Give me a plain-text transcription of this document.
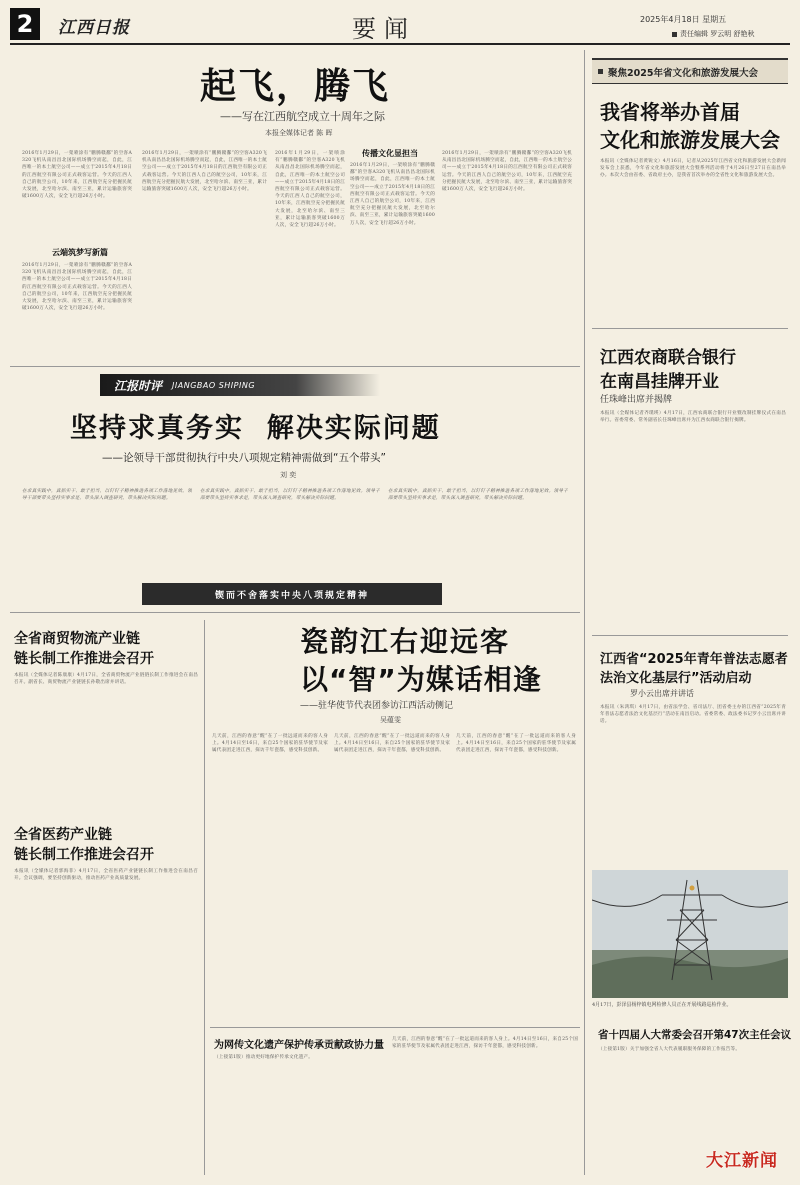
2 江西日报	要闻	2025年4月18日 星期五
责任编辑 罗云明 舒艳秋
起飞，腾飞
——写在江西航空成立十周年之际
本报全媒体记者 陈 晖
2016年1月29日，一架喷涂有“鹏腾赣鄱”的空客A320飞机从南昌昌北国际机场腾空而起，自此，江西唯一的本土航空公司——成立于2015年4月18日的江西航空有限公司正式载客运营。今天的江西人自己的航空公司，10年来，江西航空充分把握民航大发展，北至哈尔滨、南至三亚，累计运输旅客突破1600万人次，安全飞行超26万小时。
云端筑梦写新篇
2016年1月29日，一架喷涂有“鹏腾赣鄱”的空客A320飞机从南昌昌北国际机场腾空而起，自此，江西唯一的本土航空公司——成立于2015年4月18日的江西航空有限公司正式载客运营。今天的江西人自己的航空公司，10年来，江西航空充分把握民航大发展，北至哈尔滨、南至三亚，累计运输旅客突破1600万人次，安全飞行超26万小时。
2016年1月29日，一架喷涂有“鹏腾赣鄱”的空客A320飞机从南昌昌北国际机场腾空而起，自此，江西唯一的本土航空公司——成立于2015年4月18日的江西航空有限公司正式载客运营。今天的江西人自己的航空公司，10年来，江西航空充分把握民航大发展，北至哈尔滨、南至三亚，累计运输旅客突破1600万人次，安全飞行超26万小时。
2016年1月29日，一架喷涂有“鹏腾赣鄱”的空客A320飞机从南昌昌北国际机场腾空而起，自此，江西唯一的本土航空公司——成立于2015年4月18日的江西航空有限公司正式载客运营。今天的江西人自己的航空公司，10年来，江西航空充分把握民航大发展，北至哈尔滨、南至三亚，累计运输旅客突破1600万人次，安全飞行超26万小时。
传播文化显担当
2016年1月29日，一架喷涂有“鹏腾赣鄱”的空客A320飞机从南昌昌北国际机场腾空而起，自此，江西唯一的本土航空公司——成立于2015年4月18日的江西航空有限公司正式载客运营。今天的江西人自己的航空公司，10年来，江西航空充分把握民航大发展，北至哈尔滨、南至三亚，累计运输旅客突破1600万人次，安全飞行超26万小时。
2016年1月29日，一架喷涂有“鹏腾赣鄱”的空客A320飞机从南昌昌北国际机场腾空而起，自此，江西唯一的本土航空公司——成立于2015年4月18日的江西航空有限公司正式载客运营。今天的江西人自己的航空公司，10年来，江西航空充分把握民航大发展，北至哈尔滨、南至三亚，累计运输旅客突破1600万人次，安全飞行超26万小时。
聚焦2025年省文化和旅游发展大会
我省将举办首届
文化和旅游发展大会
本报讯（全媒体记者黄锐文）4月16日，记者从2025年江西省文化和旅游发展大会新闻发布会上获悉，今年省文化和旅游发展大会暨系列活动将于4月26日至27日在南昌举办。本次大会由省委、省政府主办，是我省首次举办的全省性文化和旅游发展大会。
江西农商联合银行
在南昌挂牌开业
任珠峰出席并揭牌
本报讯（全媒体记者齐璞瑛）4月17日，江西农商联合银行开业暨改制挂牌仪式在南昌举行。省委常委、常务副省长任珠峰出席并为江西农商联合银行揭牌。
江西省“2025年青年普法志愿者
法治文化基层行”活动启动
罗小云出席并讲话
本报讯（朱鸿琪）4月17日，由省法学会、省司法厅、团省委主办的江西省“2025年青年普法志愿者法治文化基层行”活动在南昌启动。省委常委、政法委书记罗小云出席并讲话。
4月17日，彭泽县杨梓镇电网检修人员正在开展线路巡检作业。
省十四届人大常委会召开第47次主任会议
（上接第1版）关于加强全省人大代表履职服务保障的工作报告等。
江报时评 JIANGBAO SHIPING
坚持求真务实  解决实际问题
——论领导干部贯彻执行中央八项规定精神需做到“五个带头”
刘 奕
在求真实践中，真抓实干、敢于担当，以钉钉子精神推进各项工作落地见效。领导干部要带头坚持实事求是，带头深入调查研究，带头解决实际问题。
在求真实践中，真抓实干、敢于担当，以钉钉子精神推进各项工作落地见效。领导干部要带头坚持实事求是，带头深入调查研究，带头解决实际问题。
在求真实践中，真抓实干、敢于担当，以钉钉子精神推进各项工作落地见效。领导干部要带头坚持实事求是，带头深入调查研究，带头解决实际问题。
锲而不舍落实中央八项规定精神
全省商贸物流产业链
链长制工作推进会召开
本报讯（全媒体记者陈康康）4月17日，全省商贸物流产业链链长制工作推进会在南昌召开。副省长、商贸物流产业链链长孙敬出席并讲话。
全省医药产业链
链长制工作推进会召开
本报讯（全媒体记者郭海菲）4月17日，全省医药产业链链长制工作推进会在南昌召开。会议强调，要坚持创新驱动，推动医药产业高质量发展。
瓷韵江右迎远客
以“智”为媒话相逢
——驻华使节代表团参访江西活动侧记
吴蕴雯
几天前，江西的春意“醒”在了一批远道而来的客人身上。4月14日至16日，来自25个国家的驻华使节及家属代表团走进江西，探访千年瓷都，感受科技创新。
几天前，江西的春意“醒”在了一批远道而来的客人身上。4月14日至16日，来自25个国家的驻华使节及家属代表团走进江西，探访千年瓷都，感受科技创新。
几天前，江西的春意“醒”在了一批远道而来的客人身上。4月14日至16日，来自25个国家的驻华使节及家属代表团走进江西，探访千年瓷都，感受科技创新。
为网传文化遗产保护传承贡献政协力量
（上接第1版）推动更好地保护传承文化遗产。
几天前，江西的春意“醒”在了一批远道而来的客人身上。4月14日至16日，来自25个国家的驻华使节及家属代表团走进江西，探访千年瓷都，感受科技创新。
大江新闻
